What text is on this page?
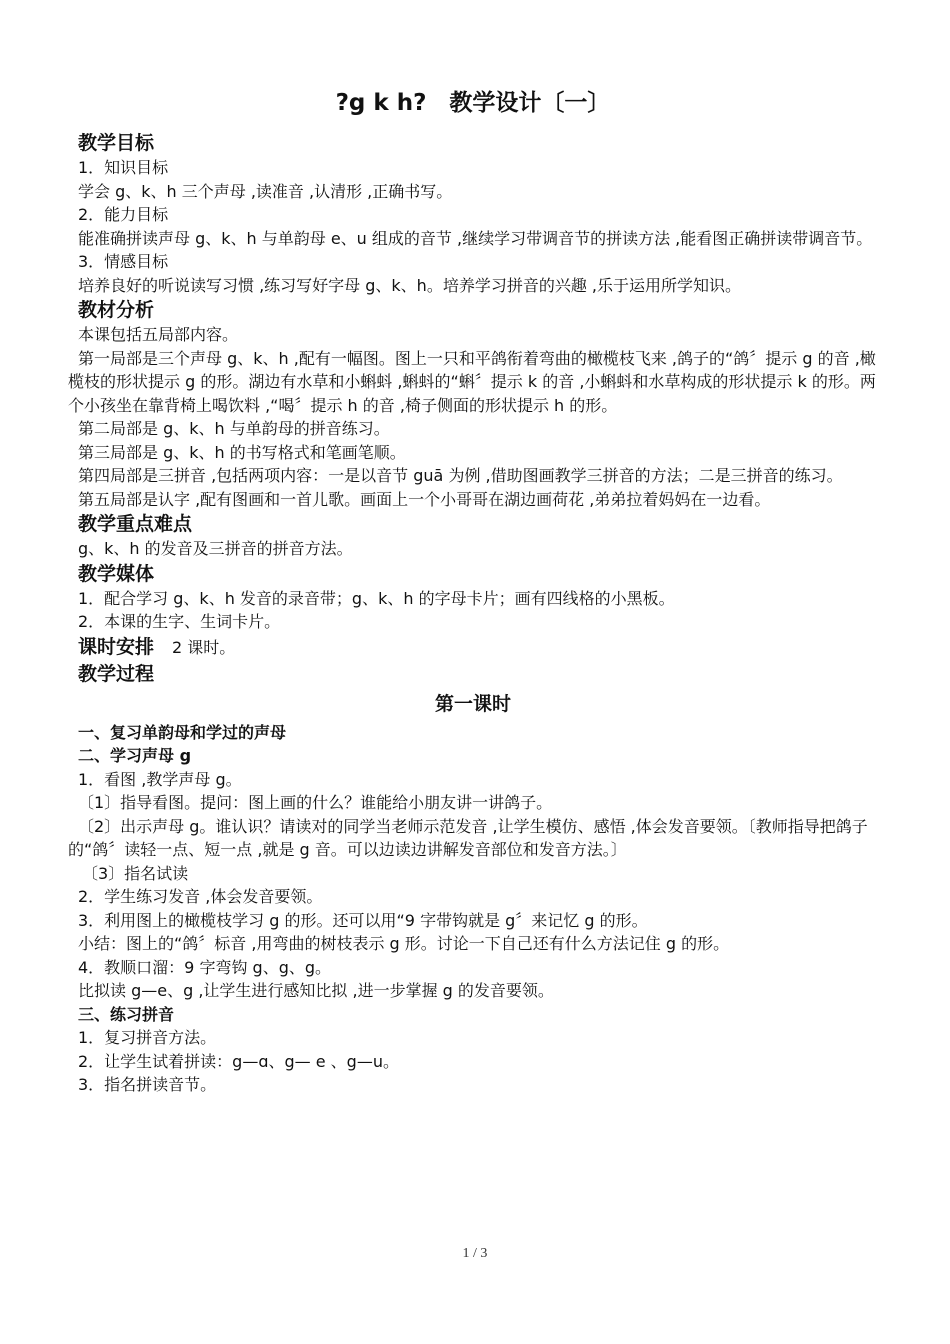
?g k h?　教学设计〔一〕
教学目标
1．知识目标
学会 g、k、h 三个声母 ,读准音 ,认清形 ,正确书写。
2．能力目标
能准确拼读声母 g、k、h 与单韵母 e、u 组成的音节 ,继续学习带调音节的拼读方法 ,能看图正确拼读带调音节。
3．情感目标
培养良好的听说读写习惯 ,练习写好字母 g、k、h。培养学习拼音的兴趣 ,乐于运用所学知识。
教材分析
本课包括五局部内容。
第一局部是三个声母 g、k、h ,配有一幅图。图上一只和平鸽衔着弯曲的橄榄枝飞来 ,鸽子的“鸽〞提示 g 的音 ,橄榄枝的形状提示 g 的形。湖边有水草和小蝌蚪 ,蝌蚪的“蝌〞提示 k 的音 ,小蝌蚪和水草构成的形状提示 k 的形。两个小孩坐在靠背椅上喝饮料 ,“喝〞提示 h 的音 ,椅子侧面的形状提示 h 的形。
第二局部是 g、k、h 与单韵母的拼音练习。
第三局部是 g、k、h 的书写格式和笔画笔顺。
第四局部是三拼音 ,包括两项内容：一是以音节 guā 为例 ,借助图画教学三拼音的方法；二是三拼音的练习。
第五局部是认字 ,配有图画和一首儿歌。画面上一个小哥哥在湖边画荷花 ,弟弟拉着妈妈在一边看。
教学重点难点
g、k、h 的发音及三拼音的拼音方法。
教学媒体
1．配合学习 g、k、h 发音的录音带；g、k、h 的字母卡片；画有四线格的小黑板。
2．本课的生字、生词卡片。
课时安排 2 课时。
教学过程
第一课时
一、复习单韵母和学过的声母
二、学习声母 g
1．看图 ,教学声母 g。
〔1〕指导看图。提问：图上画的什么？谁能给小朋友讲一讲鸽子。
〔2〕出示声母 g。谁认识？请读对的同学当老师示范发音 ,让学生模仿、感悟 ,体会发音要领。〔教师指导把鸽子的“鸽〞读轻一点、短一点 ,就是 g 音。可以边读边讲解发音部位和发音方法。〕
〔3〕指名试读
2．学生练习发音 ,体会发音要领。
3．利用图上的橄榄枝学习 g 的形。还可以用“9 字带钩就是 g〞来记忆 g 的形。
小结：图上的“鸽〞标音 ,用弯曲的树枝表示 g 形。讨论一下自己还有什么方法记住 g 的形。
4．教顺口溜：9 字弯钩 g、g、g。
比拟读 g—e、g ,让学生进行感知比拟 ,进一步掌握 g 的发音要领。
三、练习拼音
1．复习拼音方法。
2．让学生试着拼读：g—ɑ、g— e 、g—u。
3．指名拼读音节。
1 / 3
